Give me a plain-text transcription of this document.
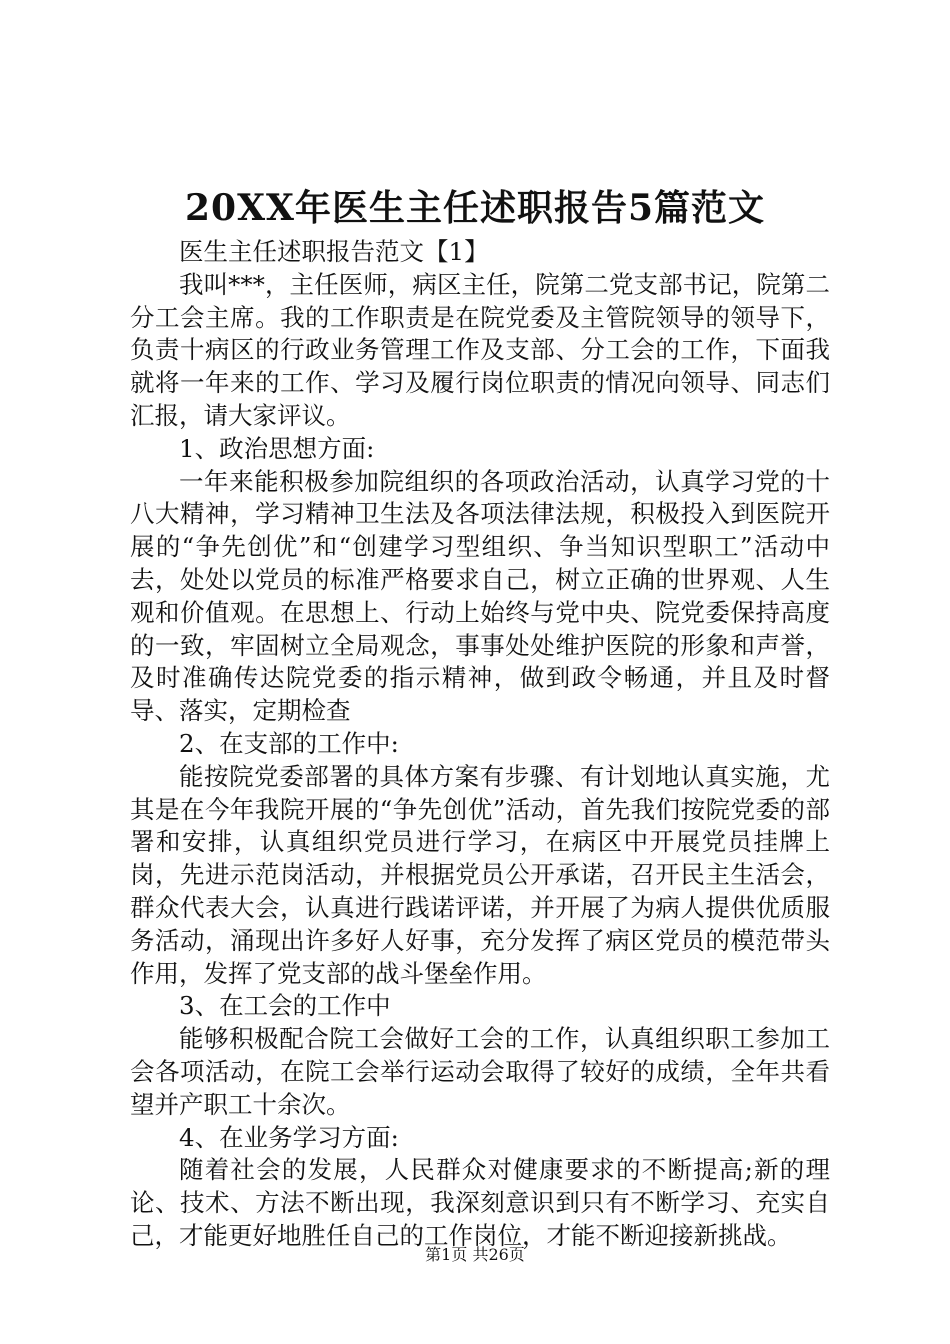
20XX年医生主任述职报告5篇范文

医生主任述职报告范文【1】

我叫***，主任医师，病区主任，院第二党支部书记，院第二分工会主席。我的工作职责是在院党委及主管院领导的领导下，负责十病区的行政业务管理工作及支部、分工会的工作，下面我就将一年来的工作、学习及履行岗位职责的情况向领导、同志们汇报，请大家评议。

1、政治思想方面:

一年来能积极参加院组织的各项政治活动，认真学习党的十八大精神，学习精神卫生法及各项法律法规，积极投入到医院开展的“争先创优”和“创建学习型组织、争当知识型职工”活动中去，处处以党员的标准严格要求自己，树立正确的世界观、人生观和价值观。在思想上、行动上始终与党中央、院党委保持高度的一致，牢固树立全局观念，事事处处维护医院的形象和声誉，及时准确传达院党委的指示精神，做到政令畅通，并且及时督导、落实，定期检查

2、在支部的工作中:

能按院党委部署的具体方案有步骤、有计划地认真实施，尤其是在今年我院开展的“争先创优”活动，首先我们按院党委的部署和安排，认真组织党员进行学习，在病区中开展党员挂牌上岗，先进示范岗活动，并根据党员公开承诺，召开民主生活会，群众代表大会，认真进行践诺评诺，并开展了为病人提供优质服务活动，涌现出许多好人好事，充分发挥了病区党员的模范带头作用，发挥了党支部的战斗堡垒作用。

3、在工会的工作中

能够积极配合院工会做好工会的工作，认真组织职工参加工会各项活动，在院工会举行运动会取得了较好的成绩，全年共看望并产职工十余次。

4、在业务学习方面:

随着社会的发展，人民群众对健康要求的不断提高;新的理论、技术、方法不断出现，我深刻意识到只有不断学习、充实自己，才能更好地胜任自己的工作岗位，才能不断迎接新挑战。

第1页 共26页
